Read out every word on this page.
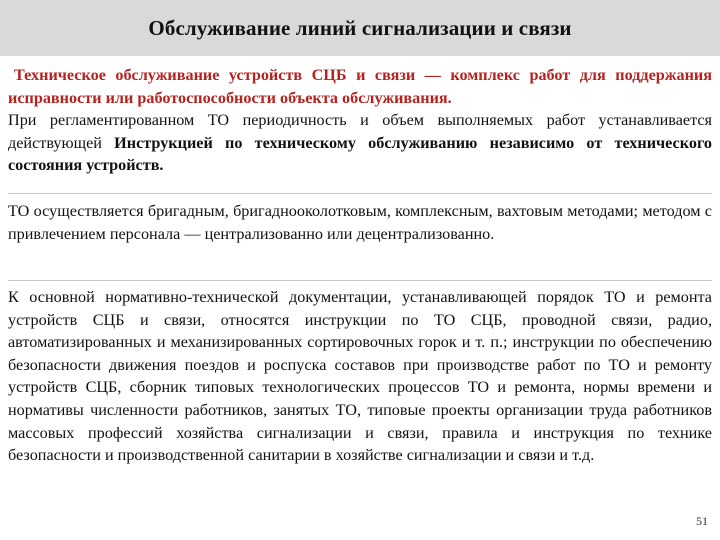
Обслуживание линий сигнализации и связи

Техническое обслуживание устройств СЦБ и связи — комплекс работ для поддержания исправности или работоспособности объекта обслуживания.

При регламентированном ТО периодичность и объем выполняемых работ устанавливается действующей Инструкцией по техническому обслуживанию независимо от технического состояния устройств.

ТО осуществляется бригадным, бригаднооколотковым, комплексным, вахтовым методами; методом с привлечением персонала — централизованно или децентрализованно.

К основной нормативно-технической документации, устанавливающей порядок ТО и ремонта устройств СЦБ и связи, относятся инструкции по ТО СЦБ, проводной связи, радио, автоматизированных и механизированных сортировочных горок и т. п.; инструкции по обеспечению безопасности движения поездов и роспуска составов при производстве работ по ТО и ремонту устройств СЦБ, сборник типовых технологических процессов ТО и ремонта, нормы времени и нормативы численности работников, занятых ТО, типовые проекты организации труда работников массовых профессий хозяйства сигнализации и связи, правила и инструкция по технике безопасности и производственной санитарии в хозяйстве сигнализации и связи и т.д.

51
